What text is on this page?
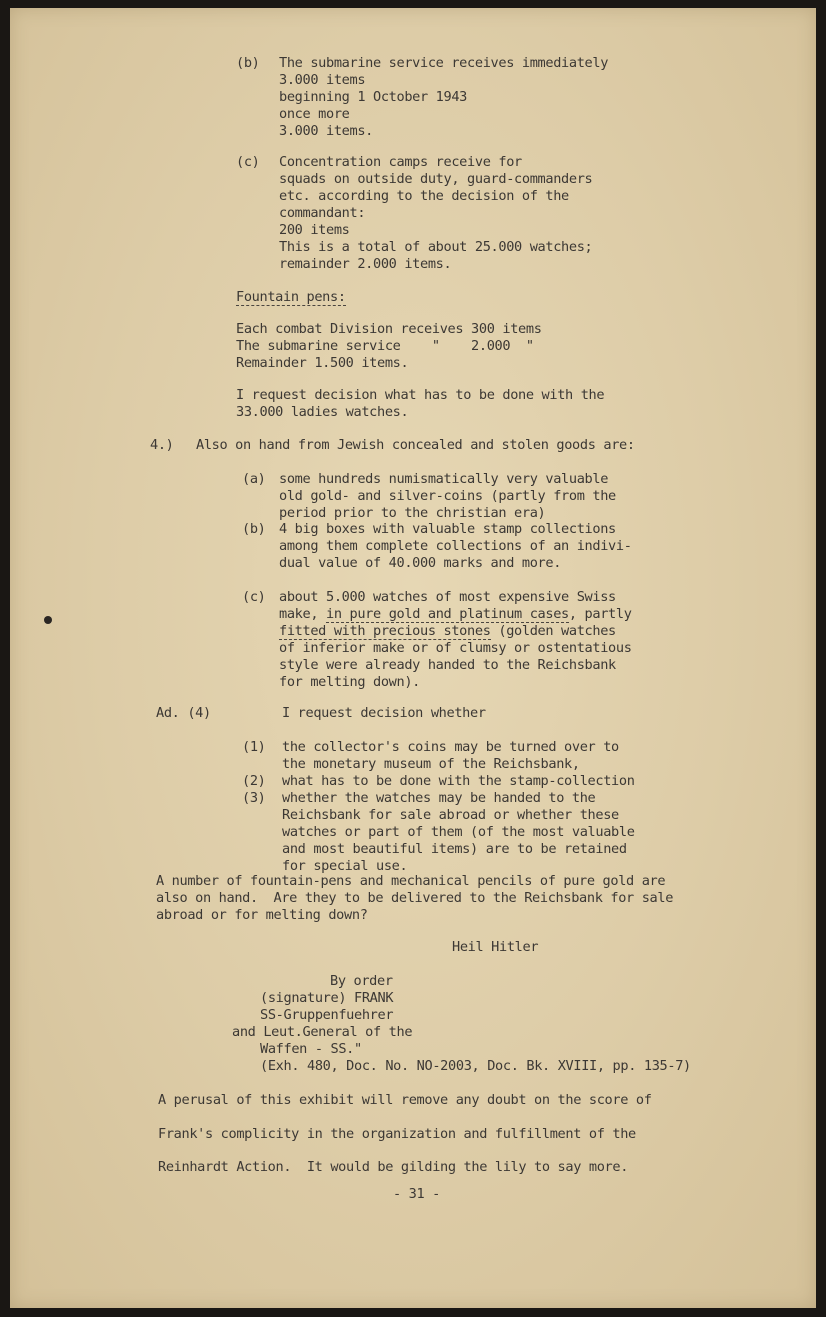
(b) The submarine service receives immediately
3.000 items
beginning 1 October 1943
once more
3.000 items.
(c) Concentration camps receive for
squads on outside duty, guard-commanders
etc. according to the decision of the
commandant:
200 items
This is a total of about 25.000 watches;
remainder 2.000 items.
Fountain pens:
Each combat Division receives 300 items
The submarine service    "    2.000  "
Remainder 1.500 items.
I request decision what has to be done with the
33.000 ladies watches.
4.) Also on hand from Jewish concealed and stolen goods are:
(a) some hundreds numismatically very valuable
old gold- and silver-coins (partly from the
period prior to the christian era)
(b) 4 big boxes with valuable stamp collections
among them complete collections of an indivi-
dual value of 40.000 marks and more.
(c) about 5.000 watches of most expensive Swiss
make, in pure gold and platinum cases, partly
fitted with precious stones (golden watches
of inferior make or of clumsy or ostentatious
style were already handed to the Reichsbank
for melting down).
Ad. (4)	I request decision whether
(1) the collector's coins may be turned over to
the monetary museum of the Reichsbank,
(2) what has to be done with the stamp-collection
(3) whether the watches may be handed to the
Reichsbank for sale abroad or whether these
watches or part of them (of the most valuable
and most beautiful items) are to be retained
for special use.
A number of fountain-pens and mechanical pencils of pure gold are
also on hand.  Are they to be delivered to the Reichsbank for sale
abroad or for melting down?
Heil Hitler
By order
(signature) FRANK
SS-Gruppenfuehrer
and Leut.General of the
Waffen - SS."
(Exh. 480, Doc. No. NO-2003, Doc. Bk. XVIII, pp. 135-7)
A perusal of this exhibit will remove any doubt on the score of
Frank's complicity in the organization and fulfillment of the
Reinhardt Action.  It would be gilding the lily to say more.
- 31 -
